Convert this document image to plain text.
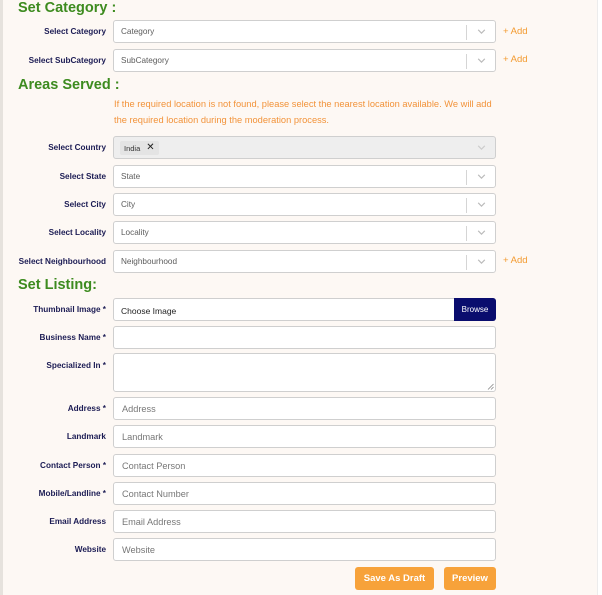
Set Category :
Select Category Category	+ Add
Select SubCategory SubCategory	+ Add
Areas Served :

If the required location is not found, please select the nearest location available. We will add the required location during the moderation process.

Select Country India ✕
Select State State
Select City City
Select Locality Locality
Select Neighbourhood Neighbourhood	+ Add
Set Listing:
Thumbnail Image * Choose Image	Browse
Business Name *
Specialized In *
Address * Address
Landmark Landmark
Contact Person * Contact Person
Mobile/Landline * Contact Number
Email Address Email Address
Website Website
Save As Draft	Preview
